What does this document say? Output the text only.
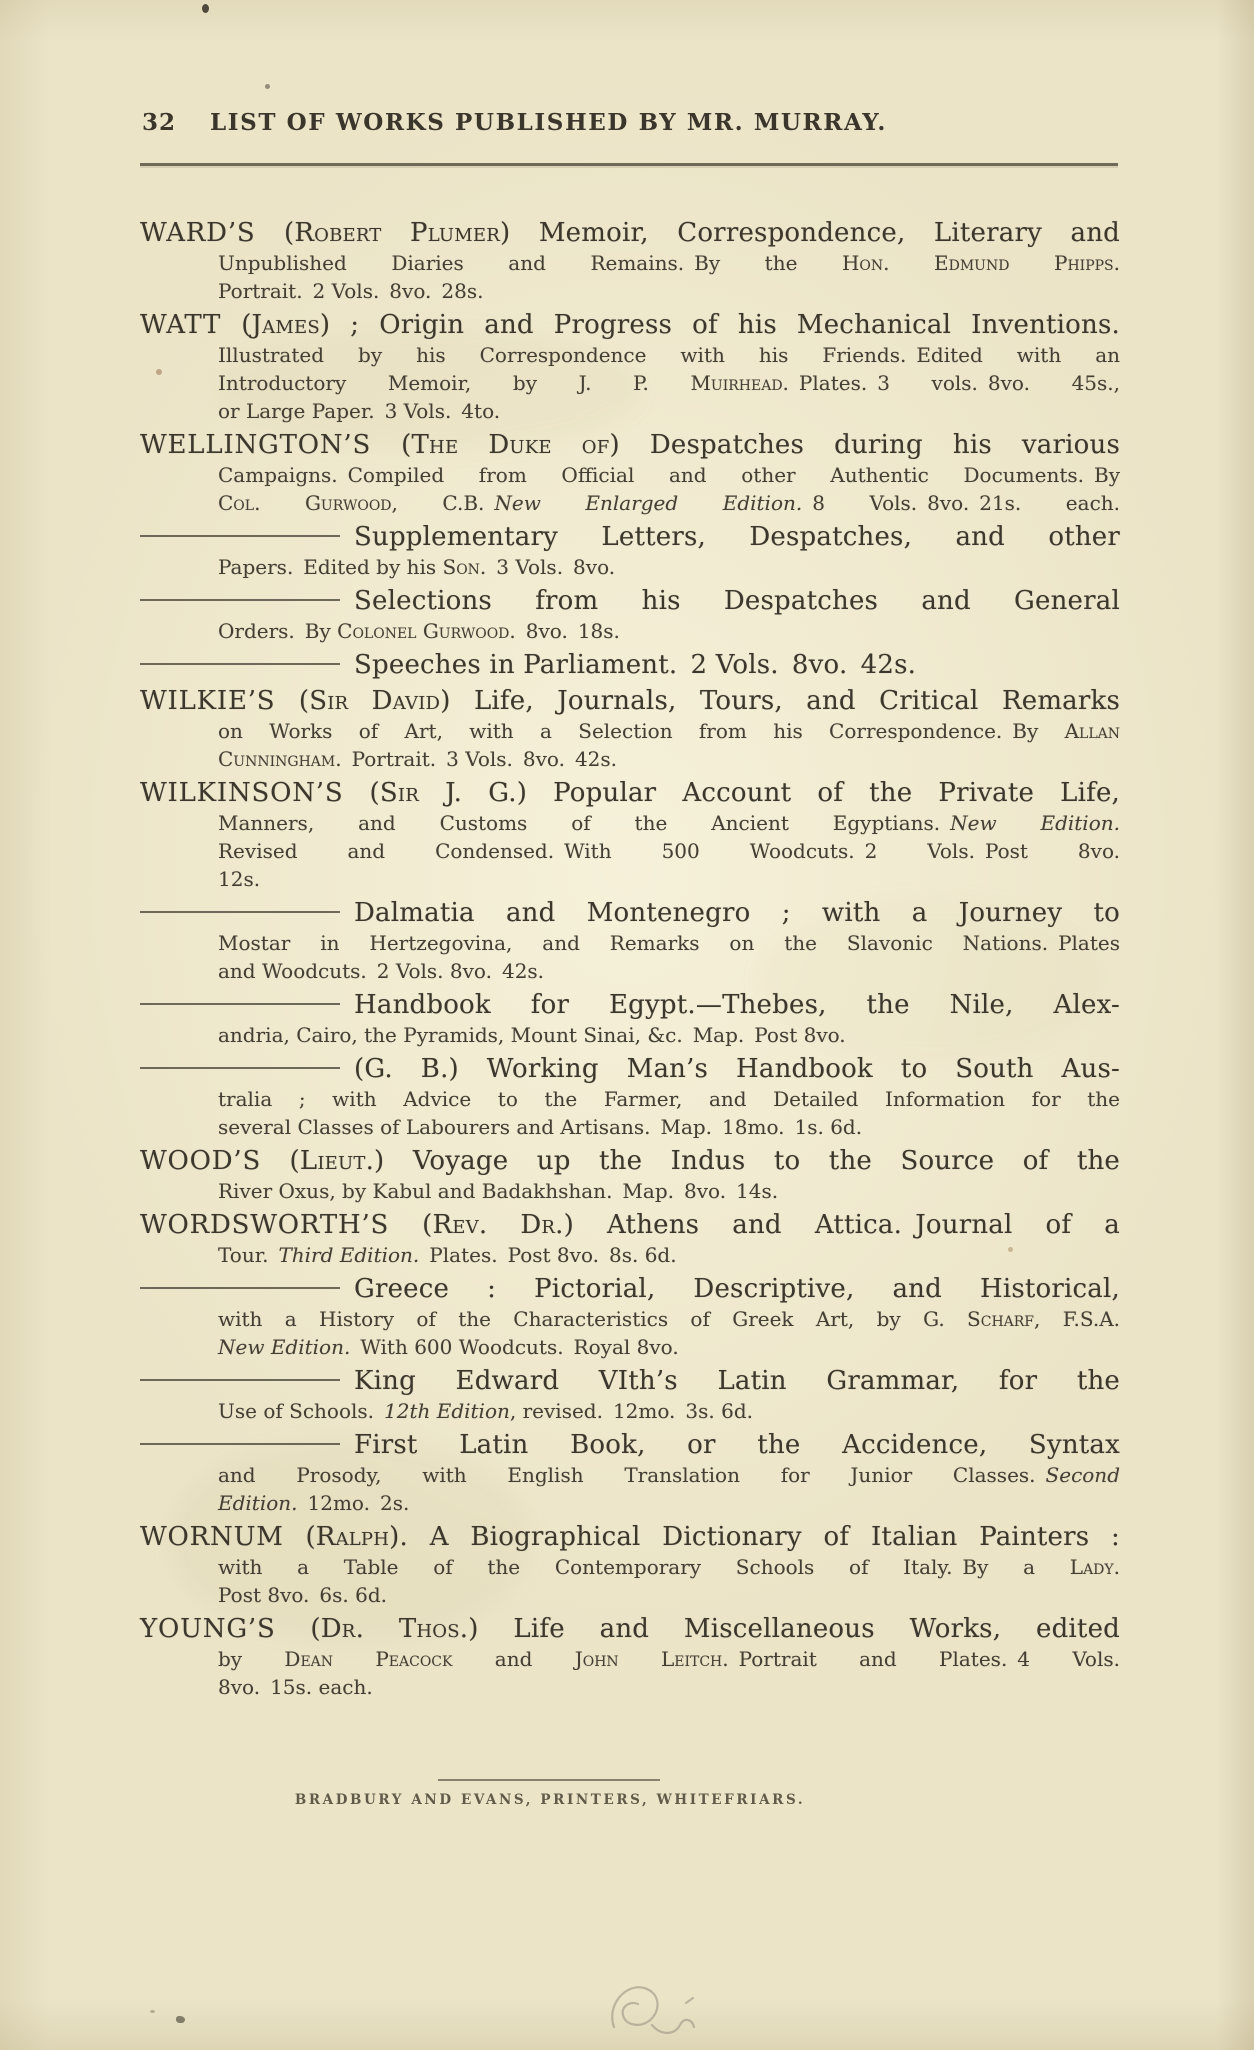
32 LIST OF WORKS PUBLISHED BY MR. MURRAY.
WARD’S (Robert Plumer) Memoir, Correspondence, Literary and
Unpublished Diaries and Remains. By the Hon. Edmund Phipps.
Portrait. 2 Vols. 8vo. 28s.
WATT (James) ; Origin and Progress of his Mechanical Inventions.
Illustrated by his Correspondence with his Friends. Edited with an
Introductory Memoir, by J. P. Muirhead. Plates. 3 vols. 8vo. 45s.,
or Large Paper. 3 Vols. 4to.
WELLINGTON’S (The Duke of) Despatches during his various
Campaigns. Compiled from Official and other Authentic Documents. By
Col. Gurwood, C.B. New Enlarged Edition. 8 Vols. 8vo. 21s. each.
Supplementary Letters, Despatches, and other
Papers. Edited by his Son. 3 Vols. 8vo.
Selections from his Despatches and General
Orders. By Colonel Gurwood. 8vo. 18s.
Speeches in Parliament. 2 Vols. 8vo. 42s.
WILKIE’S (Sir David) Life, Journals, Tours, and Critical Remarks
on Works of Art, with a Selection from his Correspondence. By Allan
Cunningham. Portrait. 3 Vols. 8vo. 42s.
WILKINSON’S (Sir J. G.) Popular Account of the Private Life,
Manners, and Customs of the Ancient Egyptians. New Edition.
Revised and Condensed. With 500 Woodcuts. 2 Vols. Post 8vo.
12s.
Dalmatia and Montenegro ; with a Journey to
Mostar in Hertzegovina, and Remarks on the Slavonic Nations. Plates
and Woodcuts. 2 Vols. 8vo. 42s.
Handbook for Egypt.—Thebes, the Nile, Alex-
andria, Cairo, the Pyramids, Mount Sinai, &c. Map. Post 8vo.
(G. B.) Working Man’s Handbook to South Aus-
tralia ; with Advice to the Farmer, and Detailed Information for the
several Classes of Labourers and Artisans. Map. 18mo. 1s. 6d.
WOOD’S (Lieut.) Voyage up the Indus to the Source of the
River Oxus, by Kabul and Badakhshan. Map. 8vo. 14s.
WORDSWORTH’S (Rev. Dr.) Athens and Attica. Journal of a
Tour. Third Edition. Plates. Post 8vo. 8s. 6d.
Greece : Pictorial, Descriptive, and Historical,
with a History of the Characteristics of Greek Art, by G. Scharf, F.S.A.
New Edition. With 600 Woodcuts. Royal 8vo.
King Edward VIth’s Latin Grammar, for the
Use of Schools. 12th Edition, revised. 12mo. 3s. 6d.
First Latin Book, or the Accidence, Syntax
and Prosody, with English Translation for Junior Classes. Second
Edition. 12mo. 2s.
WORNUM (Ralph). A Biographical Dictionary of Italian Painters :
with a Table of the Contemporary Schools of Italy. By a Lady.
Post 8vo. 6s. 6d.
YOUNG’S (Dr. Thos.) Life and Miscellaneous Works, edited
by Dean Peacock and John Leitch. Portrait and Plates. 4 Vols.
8vo. 15s. each.
BRADBURY AND EVANS, PRINTERS, WHITEFRIARS.
